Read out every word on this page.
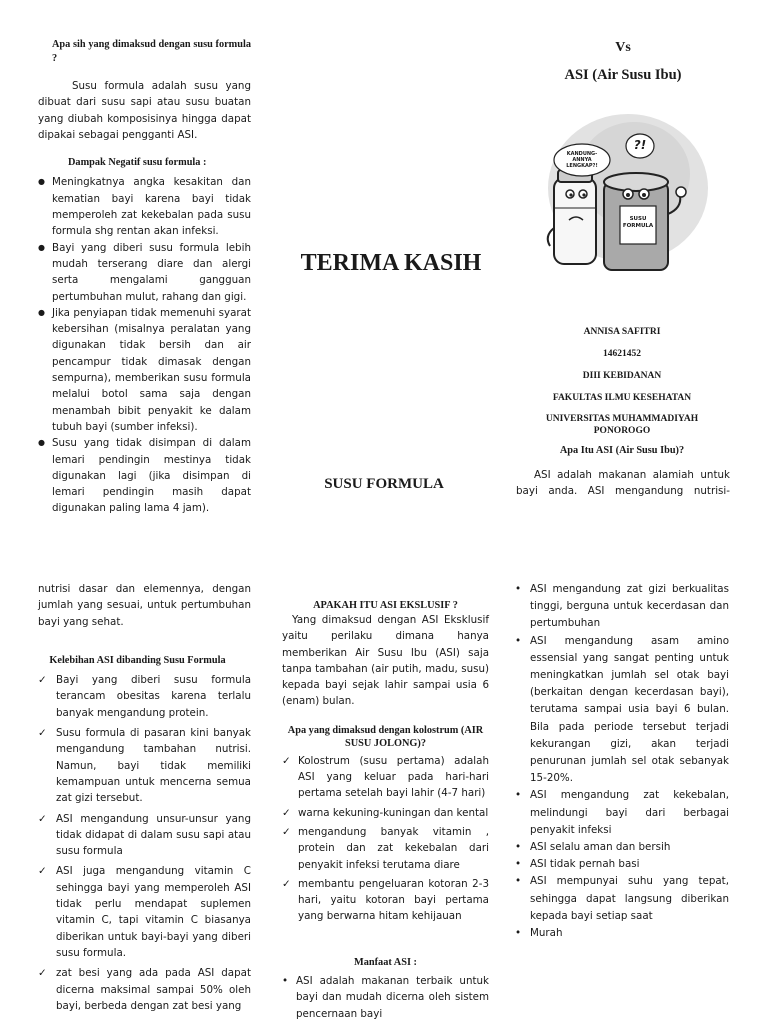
Apa sih yang dimaksud dengan susu formula ?
Susu formula adalah susu yang dibuat dari susu sapi atau susu buatan yang diubah komposisinya hingga dapat dipakai sebagai pengganti ASI.
Dampak Negatif susu formula :
● Meningkatnya angka kesakitan dan kematian bayi karena bayi tidak memperoleh zat kekebalan pada susu formula shg rentan akan infeksi.
● Bayi yang diberi susu formula lebih mudah terserang diare dan alergi serta mengalami gangguan pertumbuhan mulut, rahang dan gigi.
● Jika penyiapan tidak memenuhi syarat kebersihan (misalnya peralatan yang digunakan tidak bersih dan air pencampur tidak dimasak dengan sempurna), memberikan susu formula melalui botol sama saja dengan menambah bibit penyakit ke dalam tubuh bayi (sumber infeksi).
● Susu yang tidak disimpan di dalam lemari pendingin mestinya tidak digunakan lagi (jika disimpan di lemari pendingin masih dapat digunakan paling lama 4 jam).
TERIMA KASIH
SUSU FORMULA
Vs
ASI (Air Susu Ibu)
KANDUNG-ANNYA LENGKAP?!
?!
SUSU FORMULA
ANNISA SAFITRI
14621452
DIII KEBIDANAN
FAKULTAS ILMU KESEHATAN
UNIVERSITAS MUHAMMADIYAH PONOROGO
Apa Itu ASI (Air Susu Ibu)?
ASI adalah makanan alamiah untuk bayi anda. ASI mengandung nutrisi-
nutrisi dasar dan elemennya, dengan jumlah yang sesuai, untuk pertumbuhan bayi yang sehat.
Kelebihan ASI dibanding Susu Formula
✓ Bayi yang diberi susu formula terancam obesitas karena terlalu banyak mengandung protein.
✓ Susu formula di pasaran kini banyak mengandung tambahan nutrisi. Namun, bayi tidak memiliki kemampuan untuk mencerna semua zat gizi tersebut.
✓ ASI mengandung unsur-unsur yang tidak didapat di dalam susu sapi atau susu formula
✓ ASI juga mengandung vitamin C sehingga bayi yang memperoleh ASI tidak perlu mendapat suplemen vitamin C, tapi vitamin C biasanya diberikan untuk bayi-bayi yang diberi susu formula.
✓ zat besi yang ada pada ASI dapat dicerna maksimal sampai 50% oleh bayi, berbeda dengan zat besi yang
APAKAH ITU ASI EKSLUSIF ?
Yang dimaksud dengan ASI Eksklusif yaitu perilaku dimana hanya memberikan Air Susu Ibu (ASI) saja tanpa tambahan (air putih, madu, susu) kepada bayi sejak lahir sampai usia 6 (enam) bulan.
Apa yang dimaksud dengan kolostrum (AIR SUSU JOLONG)?
✓ Kolostrum (susu pertama) adalah ASI yang keluar pada hari-hari pertama setelah bayi lahir (4-7 hari)
✓ warna kekuning-kuningan dan kental
✓ mengandung banyak vitamin , protein dan zat kekebalan dari penyakit infeksi terutama diare
✓ membantu pengeluaran kotoran 2-3 hari, yaitu kotoran bayi pertama yang berwarna hitam kehijauan
Manfaat ASI :
• ASI adalah makanan terbaik untuk bayi dan mudah dicerna oleh sistem pencernaan bayi
• ASI mengandung zat gizi berkualitas tinggi, berguna untuk kecerdasan dan pertumbuhan
• ASI mengandung asam amino essensial yang sangat penting untuk meningkatkan jumlah sel otak bayi (berkaitan dengan kecerdasan bayi), terutama sampai usia bayi 6 bulan. Bila pada periode tersebut terjadi kekurangan gizi, akan terjadi penurunan jumlah sel otak sebanyak 15-20%.
• ASI mengandung zat kekebalan, melindungi bayi dari berbagai penyakit infeksi
• ASI selalu aman dan bersih
• ASI tidak pernah basi
• ASI mempunyai suhu yang tepat, sehingga dapat langsung diberikan kepada bayi setiap saat
• Murah
